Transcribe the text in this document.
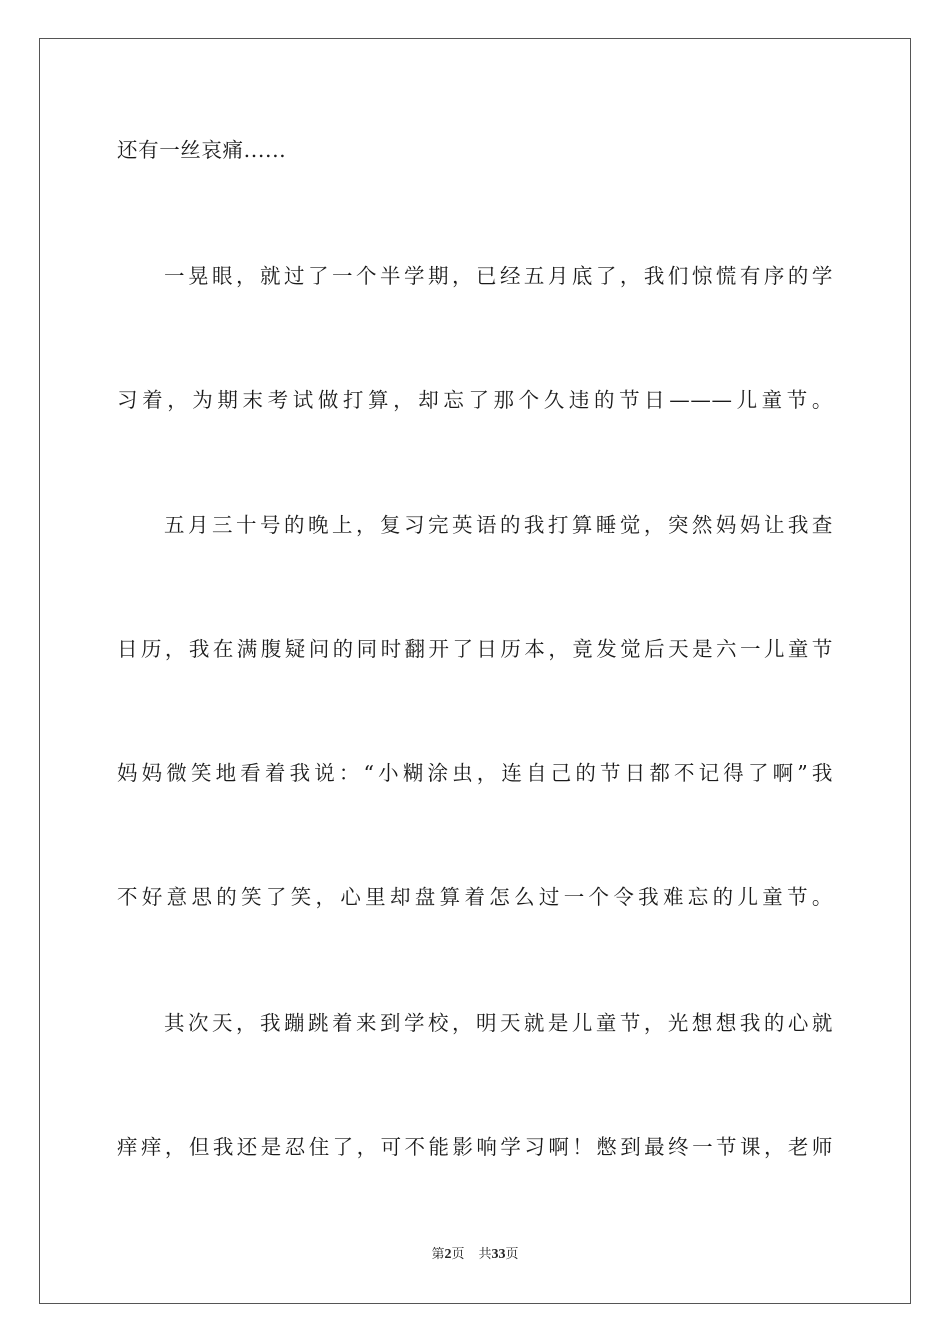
还有一丝哀痛......

一晃眼，就过了一个半学期，已经五月底了，我们惊慌有序的学

习着，为期末考试做打算，却忘了那个久违的节日———儿童节。

五月三十号的晚上，复习完英语的我打算睡觉，突然妈妈让我查

日历，我在满腹疑问的同时翻开了日历本，竟发觉后天是六一儿童节

妈妈微笑地看着我说：“小糊涂虫，连自己的节日都不记得了啊”我

不好意思的笑了笑，心里却盘算着怎么过一个令我难忘的儿童节。

其次天，我蹦跳着来到学校，明天就是儿童节，光想想我的心就

痒痒，但我还是忍住了，可不能影响学习啊！憋到最终一节课，老师

第2页 共33页
